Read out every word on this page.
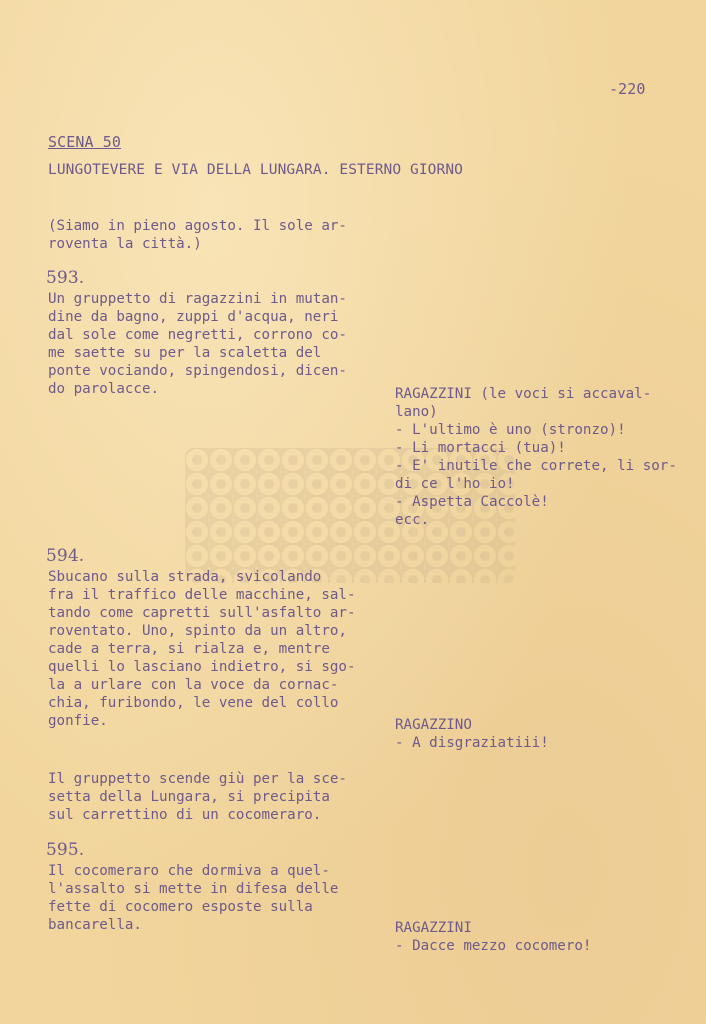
-220
SCENA 50
LUNGOTEVERE E VIA DELLA LUNGARA. ESTERNO GIORNO
(Siamo in pieno agosto. Il sole ar-
roventa la città.)
593.
Un gruppetto di ragazzini in mutan-
dine da bagno, zuppi d'acqua, neri
dal sole come negretti, corrono co-
me saette su per la scaletta del
ponte vociando, spingendosi, dicen-
do parolacce.	RAGAZZINI (le voci si accaval-
lano)
- L'ultimo è uno (stronzo)!
- Li mortacci (tua)!
- E' inutile che correte, li sor-
di ce l'ho io!
- Aspetta Caccolè!
ecc.
594.
Sbucano sulla strada, svicolando
fra il traffico delle macchine, sal-
tando come capretti sull'asfalto ar-
roventato. Uno, spinto da un altro,
cade a terra, si rialza e, mentre
quelli lo lasciano indietro, si sgo-
la a urlare con la voce da cornac-
chia, furibondo, le vene del collo
gonfie.	RAGAZZINO
- A disgraziatiii!
Il gruppetto scende giù per la sce-
setta della Lungara, si precipita
sul carrettino di un cocomeraro.
595.
Il cocomeraro che dormiva a quel-
l'assalto si mette in difesa delle
fette di cocomero esposte sulla
bancarella.	RAGAZZINI
- Dacce mezzo cocomero!
